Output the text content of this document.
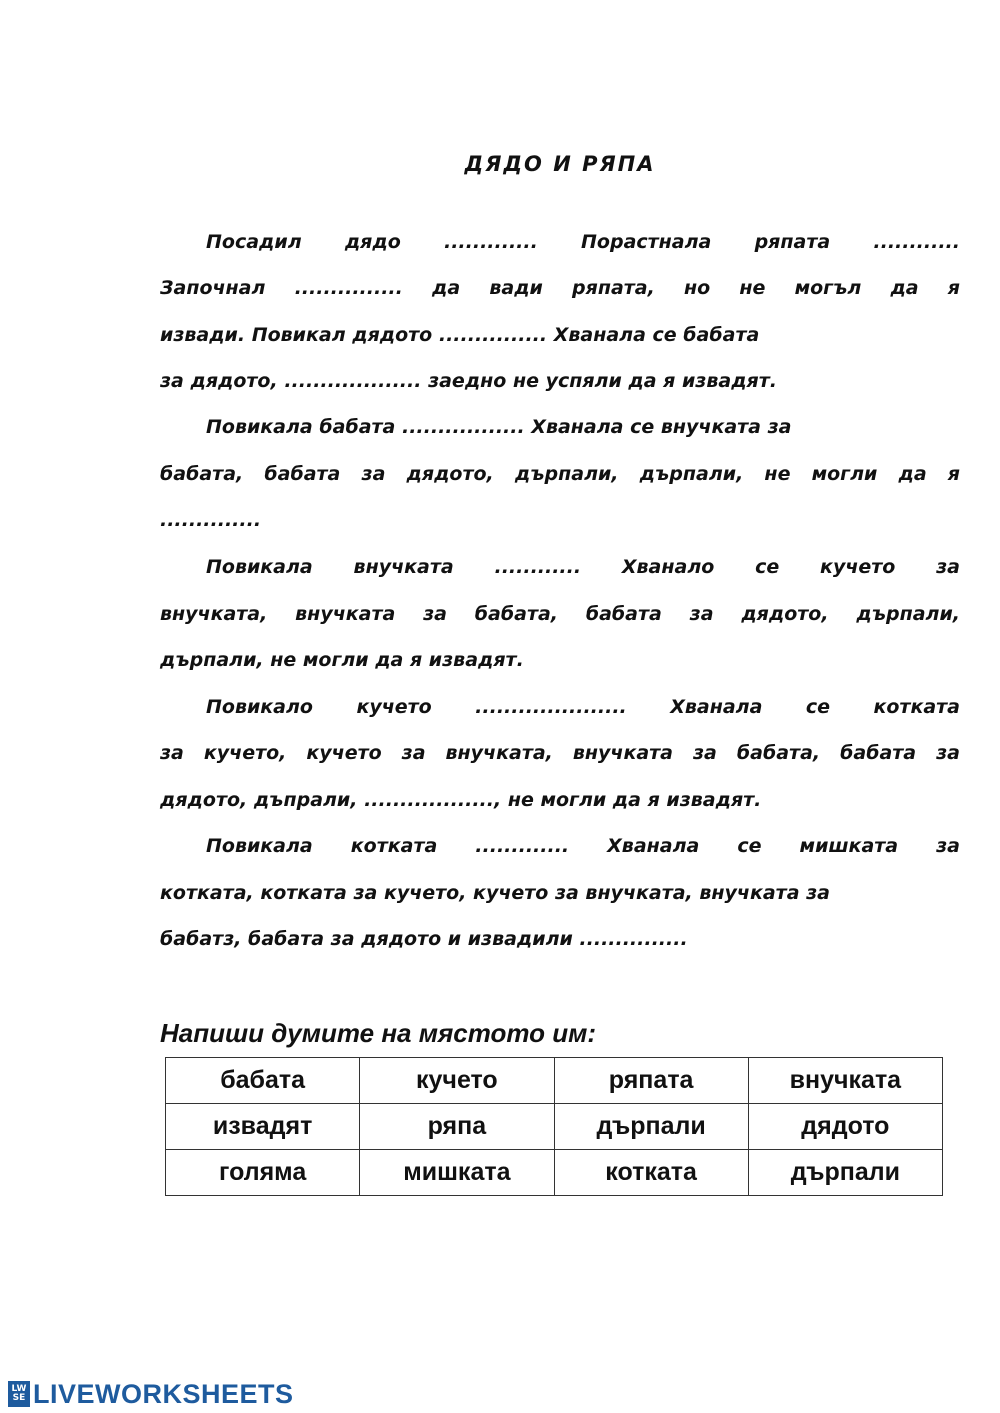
ДЯДО И РЯПА
Посадил дядо ............. Порастнала ряпата ............
Започнал ............... да вади ряпата, но не могъл да я
извади. Повикал дядото ............... Хванала се бабата
за дядото, ................... заедно не успяли да я извадят.
Повикала бабата ................. Хванала се внучката за
бабата, бабата за дядото, дърпали, дърпали, не могли да я
..............
Повикала внучката ............ Хванало се кучето за
внучката, внучката за бабата, бабата за дядото, дърпали,
дърпали, не могли да я извадят.
Повикало кучето ..................... Хванала се котката
за кучето, кучето за внучката, внучката за бабата, бабата за
дядото, дъпрали, .................., не могли да я извадят.
Повикала котката ............. Хванала се мишката за
котката, котката за кучето, кучето за внучката, внучката за
бабатз, бабата за дядото и извадили ...............
Напиши думите на мястото им:
бабата	кучето	ряпата	внучката
извадят	ряпа	дърпали	дядото
голяма	мишката	котката	дърпали
LW
SE LIVEWORKSHEETS
